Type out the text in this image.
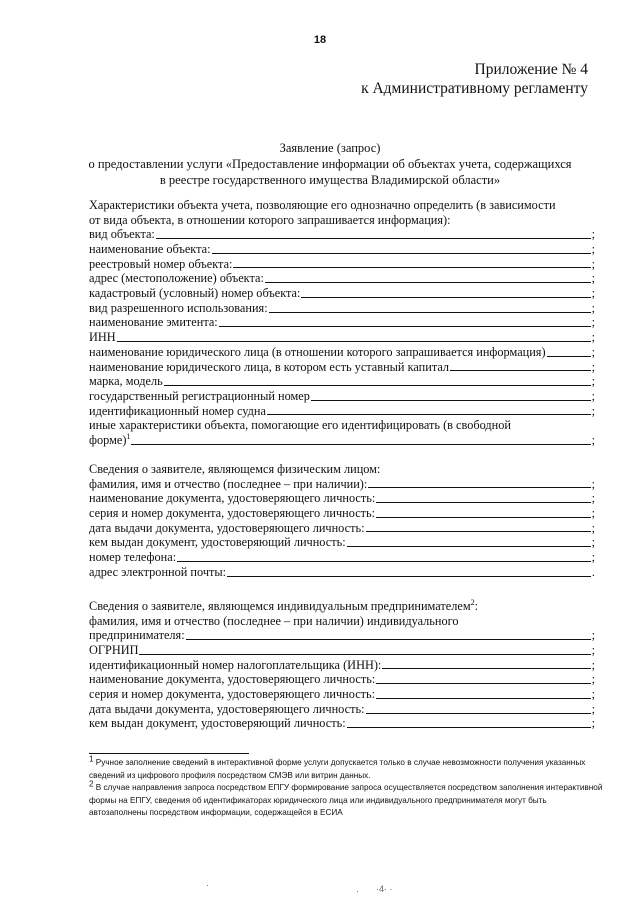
18
Приложение № 4
к Административному регламенту
Заявление (запрос)
о предоставлении услуги «Предоставление информации об объектах учета, содержащихся
в реестре государственного имущества Владимирской области»
Характеристики объекта учета, позволяющие его однозначно определить (в зависимости
от вида объекта, в отношении которого запрашивается информация):
вид объекта:	;
наименование объекта:	;
реестровый номер объекта:	;
адрес (местоположение) объекта:	;
кадастровый (условный) номер объекта:	;
вид разрешенного использования:	;
наименование эмитента:	;
ИНН	;
наименование юридического лица (в отношении которого запрашивается информация)	;
наименование юридического лица, в котором есть уставный капитал	;
марка, модель	;
государственный регистрационный номер	;
идентификационный номер судна	;
иные характеристики объекта, помогающие его идентифицировать (в свободной
форме)$^1$	;
Сведения о заявителе, являющемся физическим лицом:
фамилия, имя и отчество (последнее – при наличии):	;
наименование документа, удостоверяющего личность:	;
серия и номер документа, удостоверяющего личность:	;
дата выдачи документа, удостоверяющего личность:	;
кем выдан документ, удостоверяющий личность:	;
номер телефона:	;
адрес электронной почты:	.
Сведения о заявителе, являющемся индивидуальным предпринимателем$^2$:
фамилия, имя и отчество (последнее – при наличии) индивидуального
предпринимателя:	;
ОГРНИП	;
идентификационный номер налогоплательщика (ИНН):	;
наименование документа, удостоверяющего личность:	;
серия и номер документа, удостоверяющего личность:	;
дата выдачи документа, удостоверяющего личность:	;
кем выдан документ, удостоверяющий личность:	;

$^1$ Ручное заполнение сведений в интерактивной форме услуги допускается только в случае невозможности получения указанных сведений из цифрового профиля посредством СМЭВ или витрин данных.

$^2$ В случае направления запроса посредством ЕПГУ формирование запроса осуществляется посредством заполнения интерактивной формы на ЕПГУ, сведения об идентификаторах юридического лица или индивидуального предпринимателя могут быть автозаполнены посредством информации, содержащейся в ЕСИА

·
· ·4· ·
